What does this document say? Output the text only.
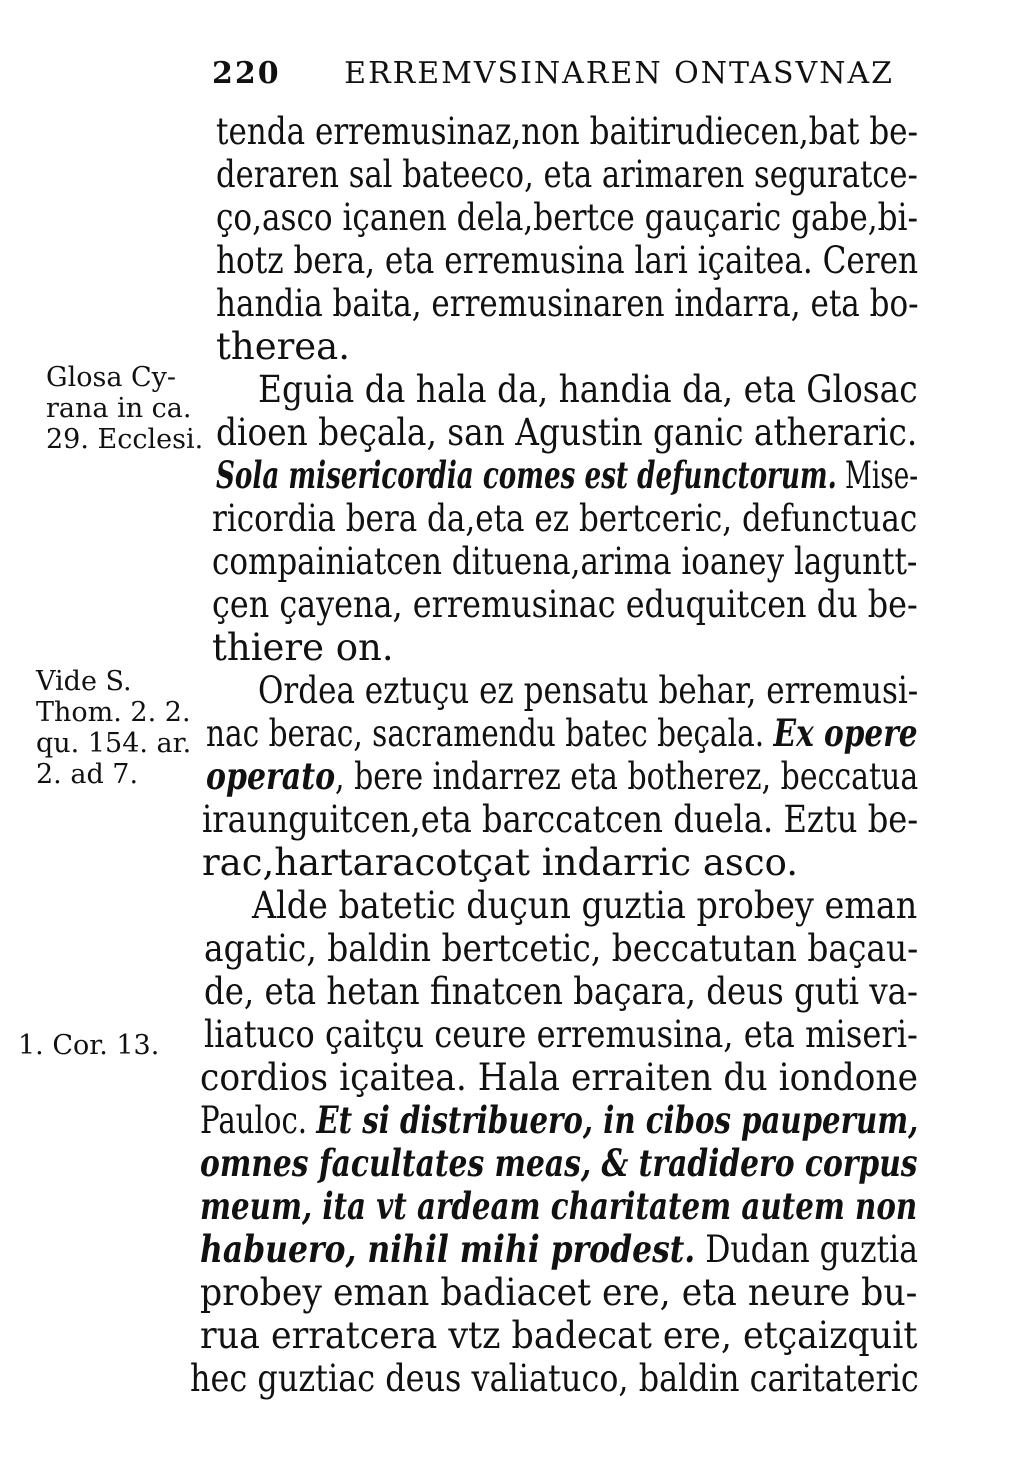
220 ERREMVSINAREN ONTASVNAZ
Glosa Cy-
rana in ca.
29. Ecclesi.
Vide S.
Thom. 2. 2.
qu. 154. ar.
2. ad 7.
1. Cor. 13.
tenda erremusinaz,non baitirudiecen,bat be-
deraren sal bateeco, eta arimaren seguratce-
ço,asco içanen dela,bertce gauçaric gabe,bi-
hotz bera, eta erremusina lari içaitea. Ceren
handia baita, erremusinaren indarra, eta bo-
therea.
Eguia da hala da, handia da, eta Glosac
dioen beçala, san Agustin ganic atheraric.
Sola misericordia comes est defunctorum. Mise-
ricordia bera da,eta ez bertceric, defunctuac
compainiatcen dituena,arima ioaney laguntt-
çen çayena, erremusinac eduquitcen du be-
thiere on.
Ordea eztuçu ez pensatu behar, erremusi-
nac berac, sacramendu batec beçala. Ex opere
operato, bere indarrez eta botherez, beccatua
iraunguitcen,eta barccatcen duela. Eztu be-
rac,hartaracotçat indarric asco.
Alde batetic duçun guztia probey eman
agatic, baldin bertcetic, beccatutan baçau-
de, eta hetan finatcen baçara, deus guti va-
liatuco çaitçu ceure erremusina, eta miseri-
cordios içaitea. Hala erraiten du iondone
Pauloc. Et si distribuero, in cibos pauperum,
omnes facultates meas, & tradidero corpus
meum, ita vt ardeam charitatem autem non
habuero, nihil mihi prodest. Dudan guztia
probey eman badiacet ere, eta neure bu-
rua erratcera vtz badecat ere, etçaizquit
hec guztiac deus valiatuco, baldin caritateric
